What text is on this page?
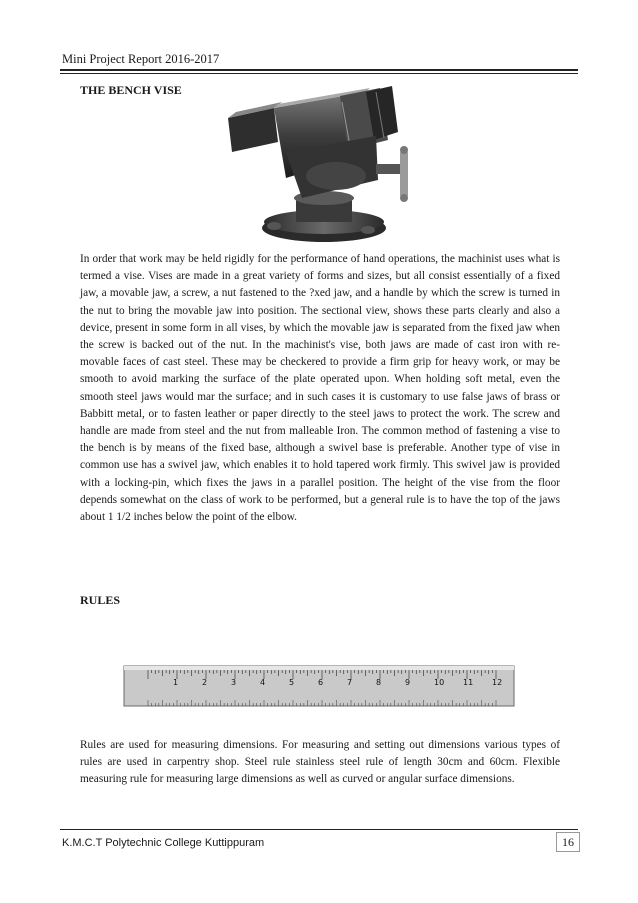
Mini Project Report 2016-2017
THE BENCH VISE
In order that work may be held rigidly for the performance of hand operations, the machinist uses what is termed a vise. Vises are made in a great variety of forms and sizes, but all consist essentially of a fixed jaw, a movable jaw, a screw, a nut fastened to the ?xed jaw, and a handle by which the screw is turned in the nut to bring the movable jaw into position. The sectional view, shows these parts clearly and also a device, present in some form in all vises, by which the movable jaw is separated from the fixed jaw when the screw is backed out of the nut. In the machinist's vise, both jaws are made of cast iron with re-movable faces of cast steel. These may be checkered to provide a firm grip for heavy work, or may be smooth to avoid marking the surface of the plate operated upon. When holding soft metal, even the smooth steel jaws would mar the surface; and in such cases it is customary to use false jaws of brass or Babbitt metal, or to fasten leather or paper directly to the steel jaws to protect the work. The screw and handle are made from steel and the nut from malleable Iron. The common method of fastening a vise to the bench is by means of the fixed base, although a swivel base is preferable. Another type of vise in common use has a swivel jaw, which enables it to hold tapered work firmly. This swivel jaw is provided with a locking-pin, which fixes the jaws in a parallel position. The height of the vise from the floor depends somewhat on the class of work to be performed, but a general rule is to have the top of the jaws about 1 1/2 inches below the point of the elbow.
RULES
1	2	3	4	5	6	7	8	9	10 11 12
Rules are used for measuring dimensions. For measuring and setting out dimensions various types of rules are used in carpentry shop. Steel rule stainless steel rule of length 30cm and 60cm. Flexible measuring rule for measuring large dimensions as well as curved or angular surface dimensions.
K.M.C.T Polytechnic College Kuttippuram	16
